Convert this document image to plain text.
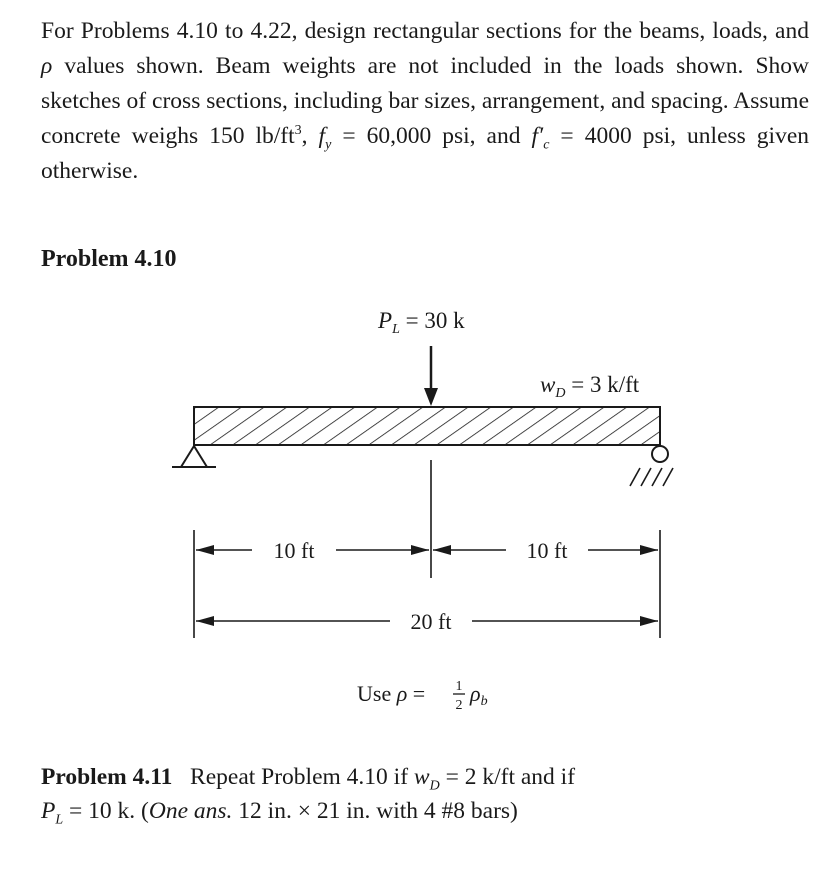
For Problems 4.10 to 4.22, design rectangular sections for the beams, loads, and ρ values shown. Beam weights are not included in the loads shown. Show sketches of cross sections, including bar sizes, arrangement, and spacing. Assume concrete weighs 150 $lb/ft^3$, $f_y = 60,000$ psi, and $f'_c = 4000$ psi, unless given otherwise.
Problem 4.10
$P_L = 30$ k
$w_D = 3$ k/ft
10 ft	10 ft
20 ft
Use ρ = 1
2 ρb
Problem 4.11 Repeat Problem 4.10 if $w_D = 2$ k/ft and if
$P_L = 10$ k. (One ans. 12 in. × 21 in. with 4 #8 bars)
